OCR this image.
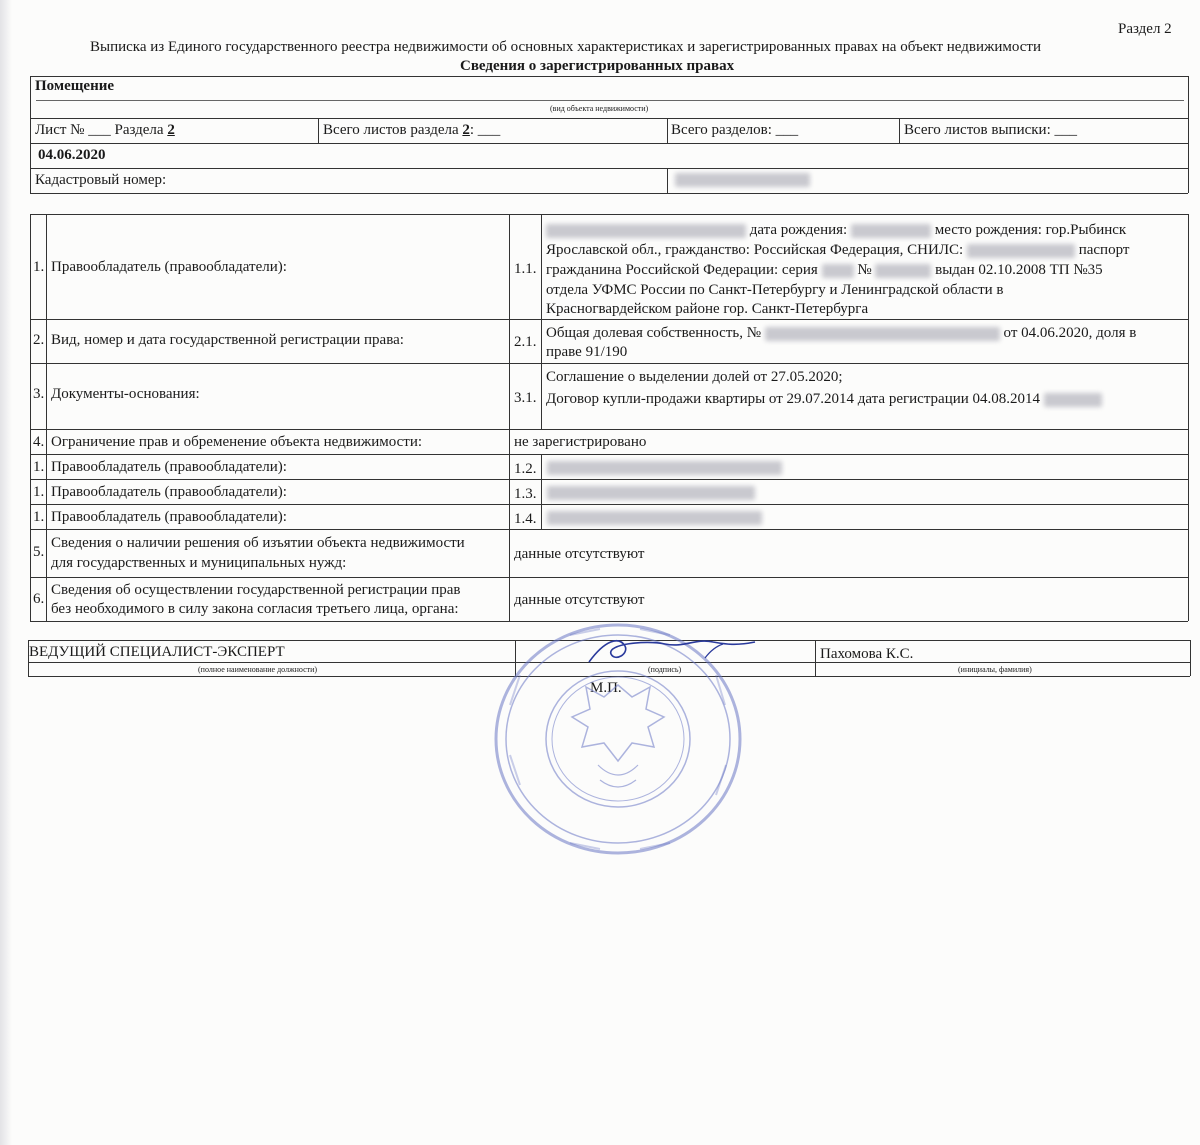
Раздел 2
Выписка из Единого государственного реестра недвижимости об основных характеристиках и зарегистрированных правах на объект недвижимости
Сведения о зарегистрированных правах
Помещение
(вид объекта недвижимости)
Лист № ___ Раздела 2	Всего листов раздела 2: ___	Всего разделов: ___	Всего листов выписки: ___
04.06.2020
Кадастровый номер:
1. Правообладатель (правообладатели):	1.1.
дата рождения:	место рождения: гор.Рыбинск
Ярославской обл., гражданство: Российская Федерация, СНИЛС:	паспорт
гражданина Российской Федерации: серия	№	выдан 02.10.2008 ТП №35
отдела УФМС России по Санкт-Петербургу и Ленинградской области в
Красногвардейском районе гор. Санкт-Петербурга
2. Вид, номер и дата государственной регистрации права:	2.1.
Общая долевая собственность, №	от 04.06.2020, доля в
праве 91/190
3. Документы-основания:	3.1.
Соглашение о выделении долей от 27.05.2020;
Договор купли-продажи квартиры от 29.07.2014 дата регистрации 04.08.2014
4. Ограничение прав и обременение объекта недвижимости:	не зарегистрировано
1. Правообладатель (правообладатели):	1.2.
1. Правообладатель (правообладатели):	1.3.
1. Правообладатель (правообладатели):	1.4.
5.
Сведения о наличии решения об изъятии объекта недвижимости
для государственных и муниципальных нужд:
данные отсутствуют
6.
Сведения об осуществлении государственной регистрации прав
без необходимого в силу закона согласия третьего лица, органа:
данные отсутствуют
ВЕДУЩИЙ СПЕЦИАЛИСТ-ЭКСПЕРТ
(полное наименование должности)	(подпись)
Пахомова К.С.
(инициалы, фамилия)
М.П.
